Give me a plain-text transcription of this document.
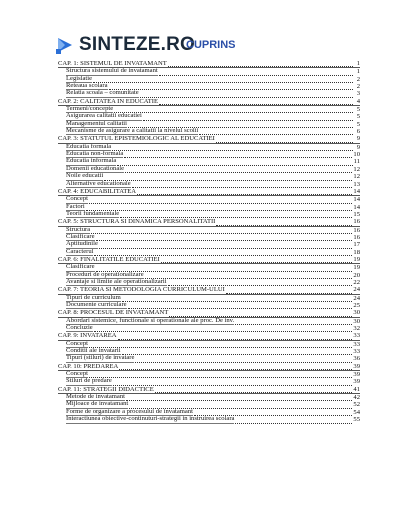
SINTEZE.RO
CUPRINS
CAP. 1: SISTEMUL DE INVATAMANT	1
Structura sistemului de invatamant	1
Legislatie	2
Reteaua scolara	2
Relatia scoala – comunitate	3
CAP. 2: CALITATEA IN EDUCATIE	4
Termeni/concepte	5
Asigurarea calitatii educatiei	5
Managementul calitatii	5
Mecanisme de asigurare a calitatii la nivelul scolii	6
CAP. 3: STATUTUL EPISTEMIOLOGIC AL EDUCATIEI	9
Educatia formala	9
Educatia non-formala	10
Educatia informala	11
Domenii educationale	12
Noile educatii	12
Alternative educationale	13
CAP. 4: EDUCABILITATEA	14
Concept	14
Factori	14
Teorii fundamentale	15
CAP. 5: STRUCTURA SI DINAMICA PERSONALITATII	16
Structura	16
Clasificare	16
Aptitudinile	17
Caracterul	18
CAP. 6: FINALITATILE EDUCATIEI	19
Clasificare	19
Proceduri de operationalizare	20
Avantaje si limite ale operationalizarii	22
CAP. 7: TEORIA SI METODOLOGIA CURRICULUM-ULUI	24
Tipuri de curriculum	24
Documente curriculare	25
CAP. 8: PROCESUL DE INVATAMANT	30
Abordari sistemice, functionale si operationale ale proc. De inv.	30
Concluzie	32
CAP. 9: INVATAREA	33
Concept	33
Conditii ale invatarii	33
Tipuri (stiluri) de invatare	36
CAP. 10: PREDAREA	39
Concept	39
Stiluri de predare	39
CAP. 11: STRATEGII DIDACTICE	41
Metode de invatamant	42
Mijloace de invatamant	52
Forme de organizare a procesului de invatamant	54
Interactiunea obiective-continuturi-strategii in instruirea scolara	55
